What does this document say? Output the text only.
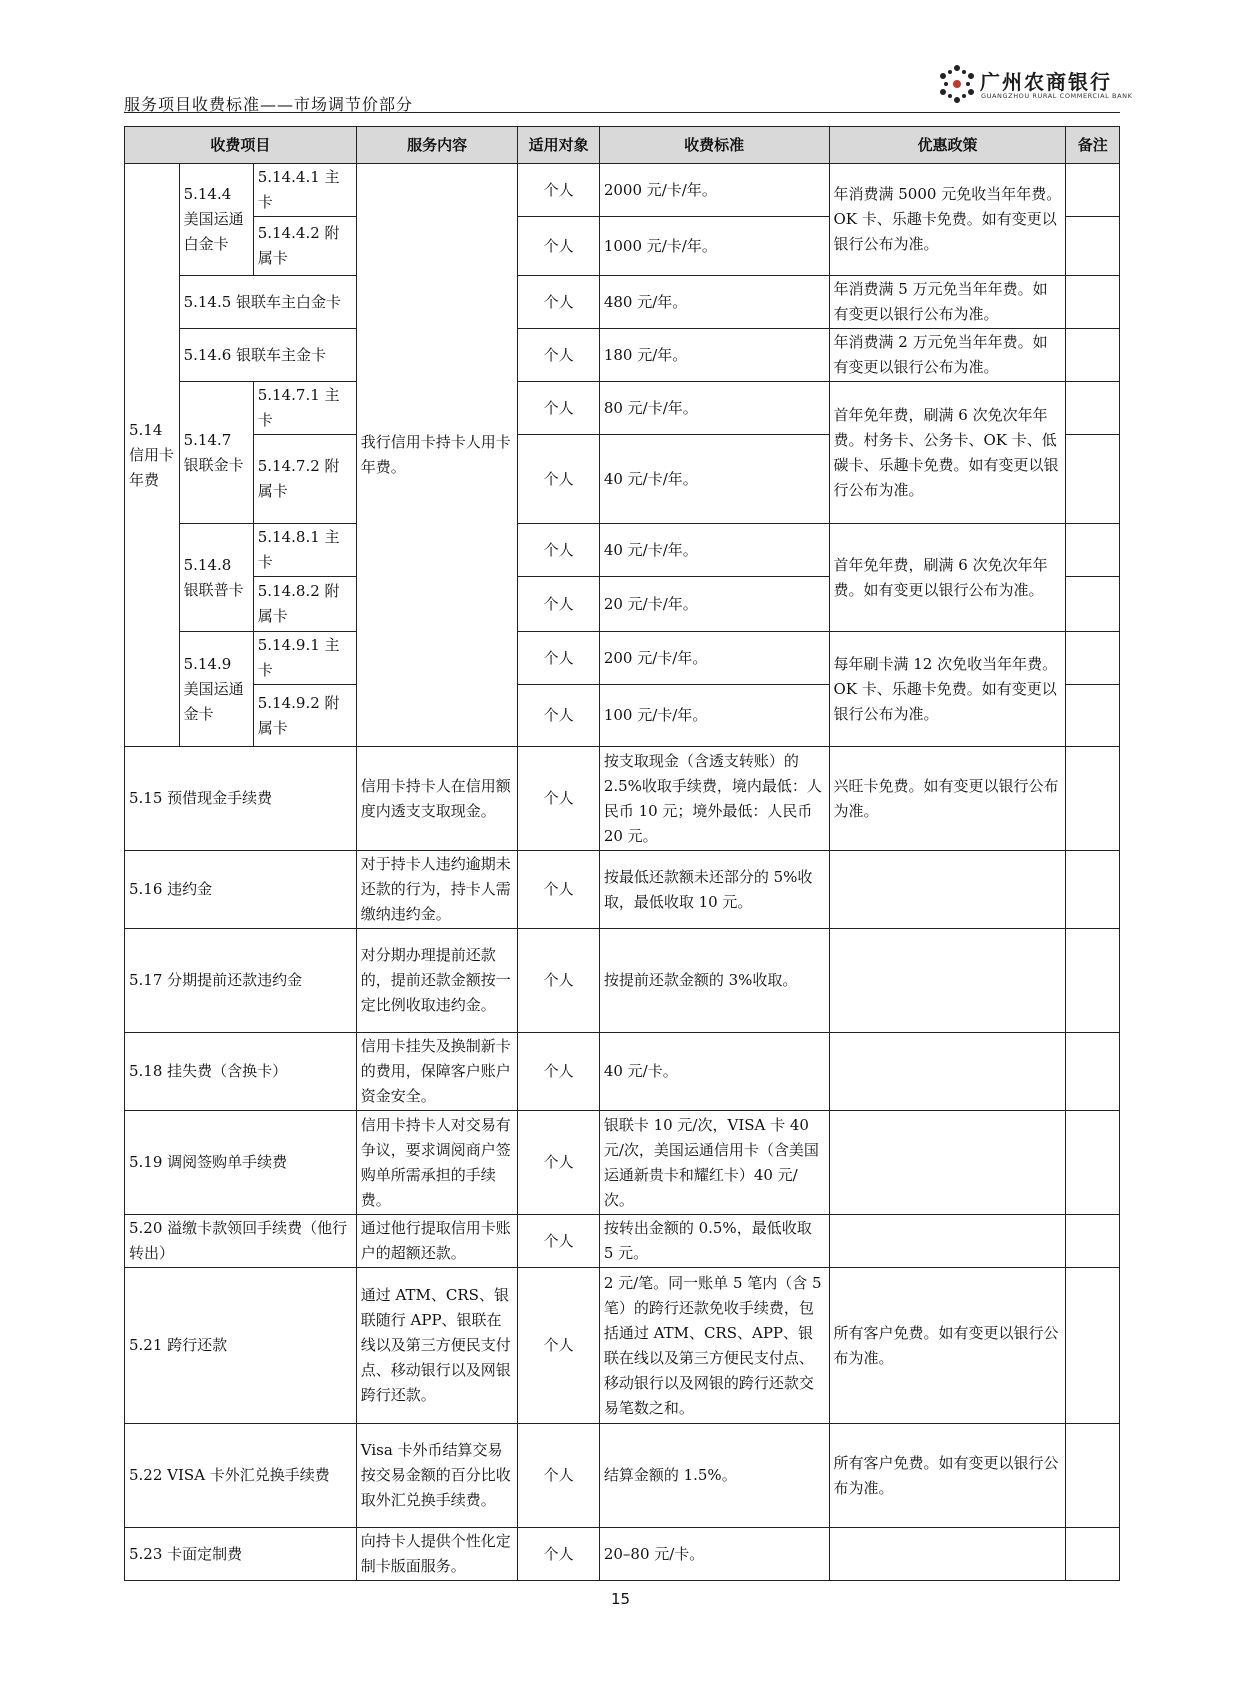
服务项目收费标准——市场调节价部分
广州农商银行
GUANGZHOU RURAL COMMERCIAL BANK
收费项目			服务内容	适用对象	收费标准	优惠政策	备注
5.14 信用卡年费	5.14.4 美国运通白金卡	5.14.4.1 主卡	我行信用卡持卡人用卡年费。	个人	2000 元/卡/年。	年消费满 5000 元免收当年年费。OK 卡、乐趣卡免费。如有变更以银行公布为准。	
		5.14.4.2 附属卡		个人	1000 元/卡/年。		
	5.14.5 银联车主白金卡			个人	480 元/年。	年消费满 5 万元免当年年费。如有变更以银行公布为准。	
	5.14.6 银联车主金卡			个人	180 元/年。	年消费满 2 万元免当年年费。如有变更以银行公布为准。	
	5.14.7 银联金卡	5.14.7.1 主卡		个人	80 元/卡/年。	首年免年费，刷满 6 次免次年年费。村务卡、公务卡、OK 卡、低碳卡、乐趣卡免费。如有变更以银行公布为准。	
		5.14.7.2 附属卡		个人	40 元/卡/年。		
	5.14.8 银联普卡	5.14.8.1 主卡		个人	40 元/卡/年。	首年免年费，刷满 6 次免次年年费。如有变更以银行公布为准。	
		5.14.8.2 附属卡		个人	20 元/卡/年。		
	5.14.9 美国运通金卡	5.14.9.1 主卡		个人	200 元/卡/年。	每年刷卡满 12 次免收当年年费。OK 卡、乐趣卡免费。如有变更以银行公布为准。	
		5.14.9.2 附属卡		个人	100 元/卡/年。		
5.15 预借现金手续费			信用卡持卡人在信用额度内透支支取现金。	个人	按支取现金（含透支转账）的 2.5%收取手续费，境内最低：人民币 10 元；境外最低：人民币 20 元。	兴旺卡免费。如有变更以银行公布为准。	
5.16 违约金			对于持卡人违约逾期未还款的行为，持卡人需缴纳违约金。	个人	按最低还款额未还部分的 5%收取，最低收取 10 元。		
5.17 分期提前还款违约金			对分期办理提前还款的，提前还款金额按一定比例收取违约金。	个人	按提前还款金额的 3%收取。		
5.18 挂失费（含换卡）			信用卡挂失及换制新卡的费用，保障客户账户资金安全。	个人	40 元/卡。		
5.19 调阅签购单手续费			信用卡持卡人对交易有争议，要求调阅商户签购单所需承担的手续费。	个人	银联卡 10 元/次，VISA 卡 40 元/次，美国运通信用卡（含美国运通新贵卡和耀红卡）40 元/次。		
5.20 溢缴卡款领回手续费（他行转出）			通过他行提取信用卡账户的超额还款。	个人	按转出金额的 0.5%，最低收取 5 元。		
5.21 跨行还款			通过 ATM、CRS、银联随行 APP、银联在线以及第三方便民支付点、移动银行以及网银跨行还款。	个人	2 元/笔。同一账单 5 笔内（含 5 笔）的跨行还款免收手续费，包括通过 ATM、CRS、APP、银联在线以及第三方便民支付点、移动银行以及网银的跨行还款交易笔数之和。	所有客户免费。如有变更以银行公布为准。	
5.22 VISA 卡外汇兑换手续费			Visa 卡外币结算交易按交易金额的百分比收取外汇兑换手续费。	个人	结算金额的 1.5%。	所有客户免费。如有变更以银行公布为准。	
5.23 卡面定制费			向持卡人提供个性化定制卡版面服务。	个人	20–80 元/卡。		
15
